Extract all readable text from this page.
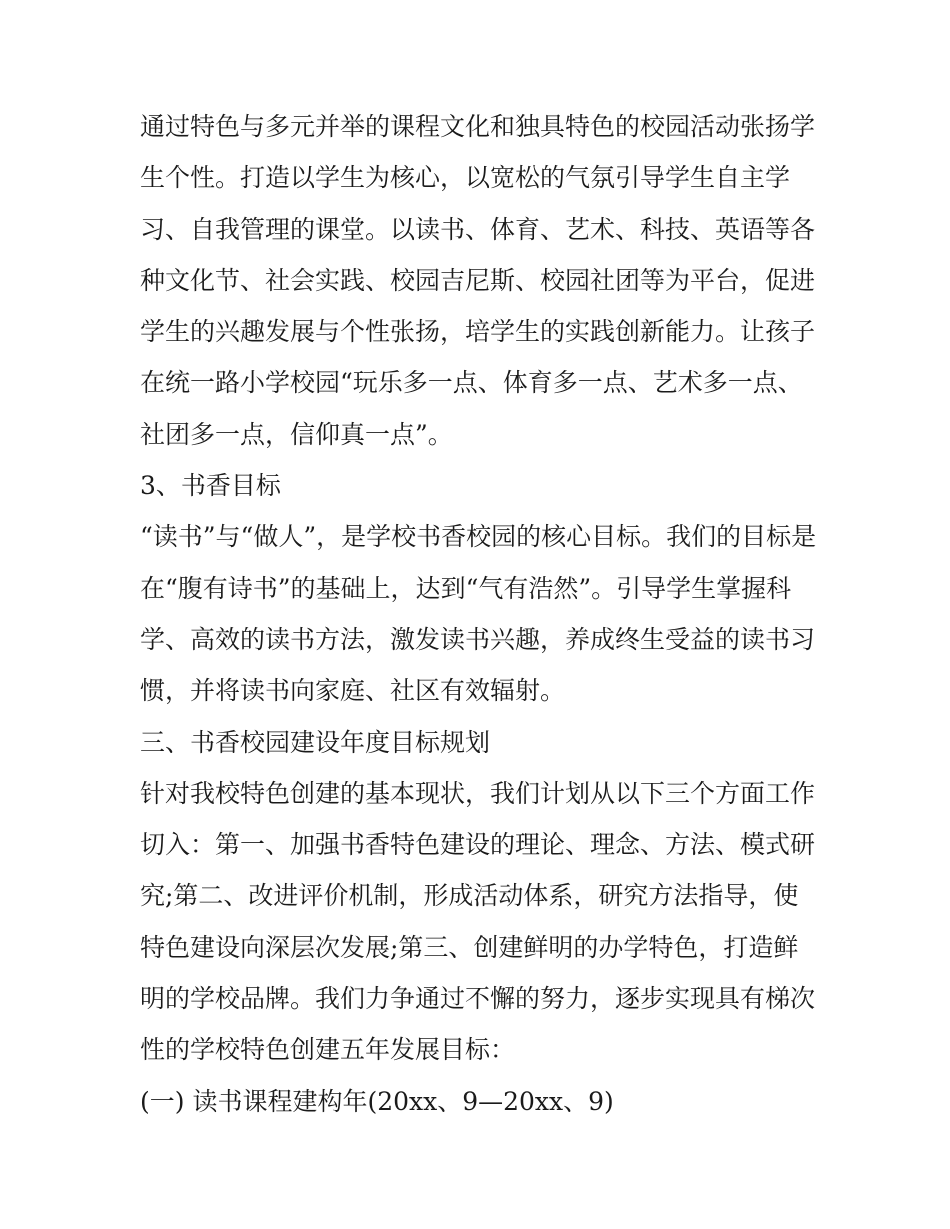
通过特色与多元并举的课程文化和独具特色的校园活动张扬学
生个性。打造以学生为核心，以宽松的气氛引导学生自主学
习、自我管理的课堂。以读书、体育、艺术、科技、英语等各
种文化节、社会实践、校园吉尼斯、校园社团等为平台，促进
学生的兴趣发展与个性张扬，培学生的实践创新能力。让孩子
在统一路小学校园“玩乐多一点、体育多一点、艺术多一点、
社团多一点，信仰真一点”。
3、书香目标
“读书”与“做人”，是学校书香校园的核心目标。我们的目标是
在“腹有诗书”的基础上，达到“气有浩然”。引导学生掌握科
学、高效的读书方法，激发读书兴趣，养成终生受益的读书习
惯，并将读书向家庭、社区有效辐射。
三、书香校园建设年度目标规划
针对我校特色创建的基本现状，我们计划从以下三个方面工作
切入：第一、加强书香特色建设的理论、理念、方法、模式研
究;第二、改进评价机制，形成活动体系，研究方法指导，使
特色建设向深层次发展;第三、创建鲜明的办学特色，打造鲜
明的学校品牌。我们力争通过不懈的努力，逐步实现具有梯次
性的学校特色创建五年发展目标：
(一) 读书课程建构年(20xx、9—20xx、9)
